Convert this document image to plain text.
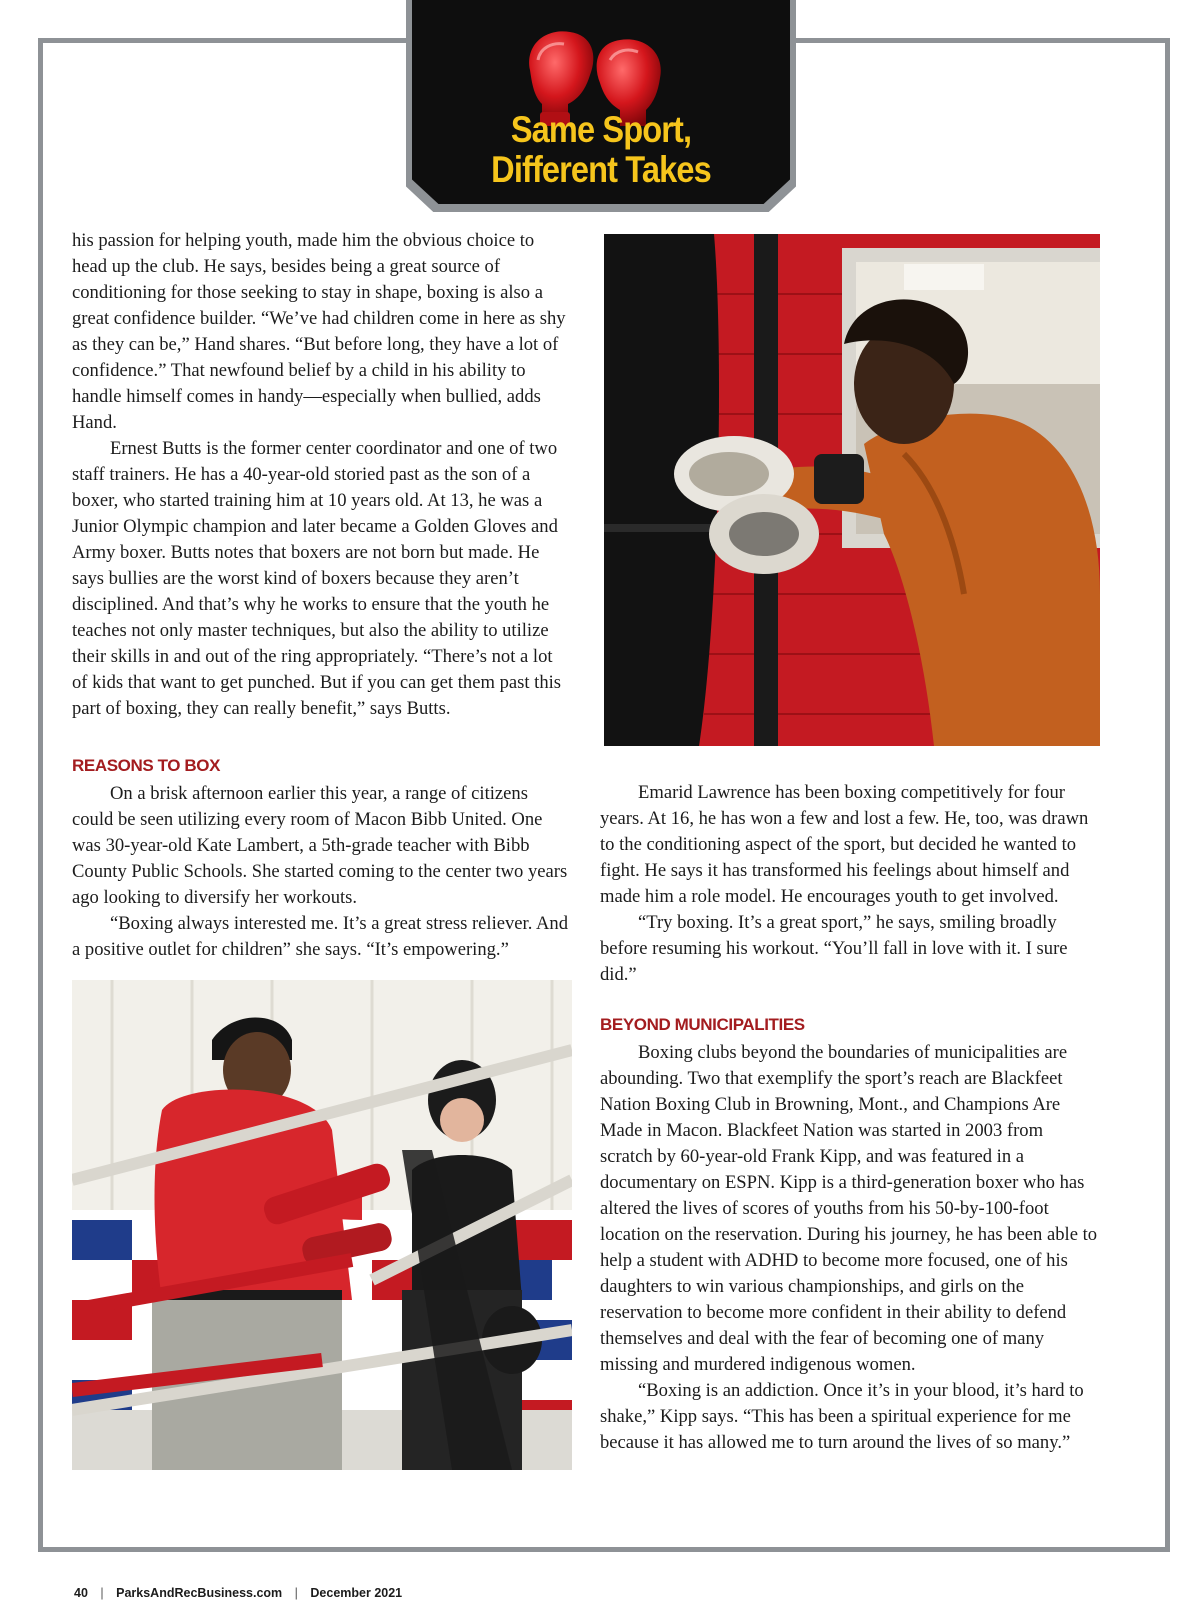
Same Sport,
Different Takes

his passion for helping youth, made him the obvious choice to head up the club. He says, besides being a great source of conditioning for those seeking to stay in shape, boxing is also a great confidence builder. “We’ve had children come in here as shy as they can be,” Hand shares. “But before long, they have a lot of confidence.” That newfound belief by a child in his ability to handle himself comes in handy—especially when bullied, adds Hand.

Ernest Butts is the former center coordinator and one of two staff trainers. He has a 40-year-old storied past as the son of a boxer, who started training him at 10 years old. At 13, he was a Junior Olympic champion and later became a Golden Gloves and Army boxer. Butts notes that boxers are not born but made. He says bullies are the worst kind of boxers because they aren’t disciplined. And that’s why he works to ensure that the youth he teaches not only master techniques, but also the ability to utilize their skills in and out of the ring appropriately. “There’s not a lot of kids that want to get punched. But if you can get them past this part of boxing, they can really benefit,” says Butts.

REASONS TO BOX

On a brisk afternoon earlier this year, a range of citizens could be seen utilizing every room of Macon Bibb United. One was 30-year-old Kate Lambert, a 5th-grade teacher with Bibb County Public Schools. She started coming to the center two years ago looking to diversify her workouts.

“Boxing always interested me. It’s a great stress reliever. And a positive outlet for children” she says. “It’s empowering.”

Emarid Lawrence has been boxing competitively for four years. At 16, he has won a few and lost a few. He, too, was drawn to the conditioning aspect of the sport, but decided he wanted to fight. He says it has transformed his feelings about himself and made him a role model. He encourages youth to get involved.

“Try boxing. It’s a great sport,” he says, smiling broadly before resuming his workout. “You’ll fall in love with it. I sure did.”

BEYOND MUNICIPALITIES

Boxing clubs beyond the boundaries of municipalities are abounding. Two that exemplify the sport’s reach are Blackfeet Nation Boxing Club in Browning, Mont., and Champions Are Made in Macon. Blackfeet Nation was started in 2003 from scratch by 60-year-old Frank Kipp, and was featured in a documentary on ESPN. Kipp is a third-generation boxer who has altered the lives of scores of youths from his 50-by-100-foot location on the reservation. During his journey, he has been able to help a student with ADHD to become more focused, one of his daughters to win various championships, and girls on the reservation to become more confident in their ability to defend themselves and deal with the fear of becoming one of many missing and murdered indigenous women.

“Boxing is an addiction. Once it’s in your blood, it’s hard to shake,” Kipp says. “This has been a spiritual experience for me because it has allowed me to turn around the lives of so many.”

40 | ParksAndRecBusiness.com | December 2021
